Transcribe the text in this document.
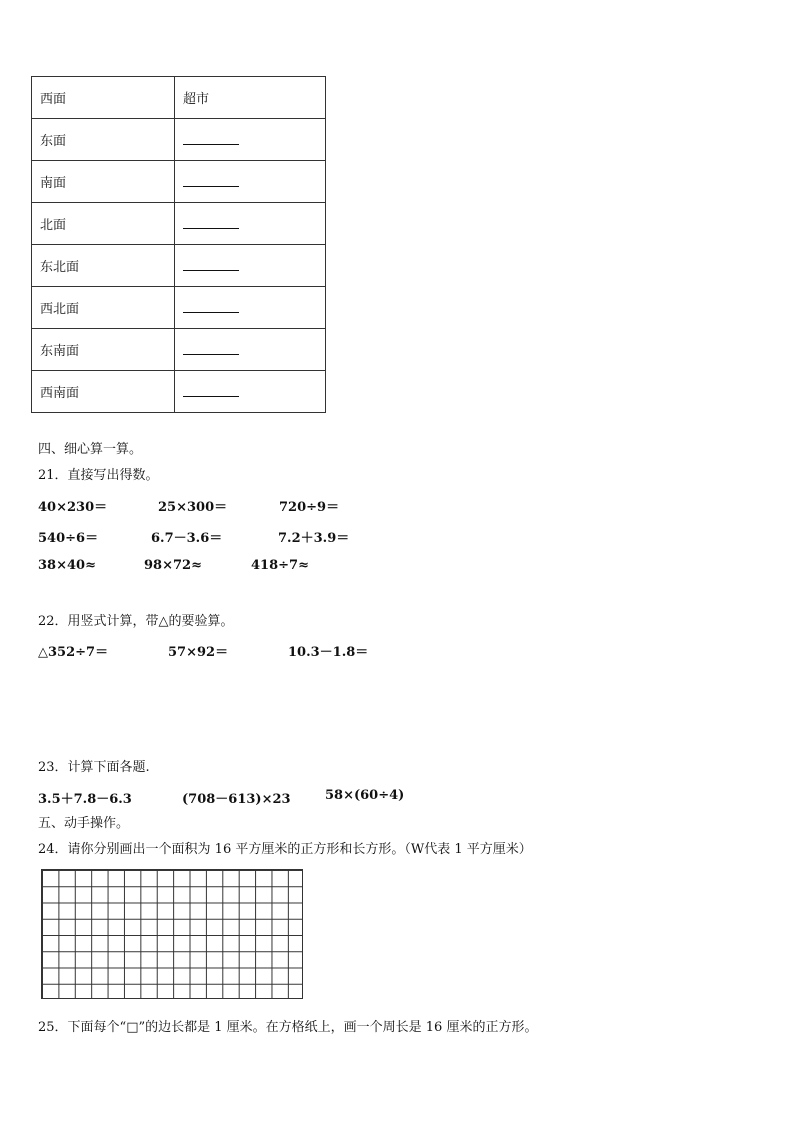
西面	超市
东面	
南面	
北面	
东北面	
西北面	
东南面	
西南面	
四、细心算一算。
21．直接写出得数。
40×230＝	25×300＝	720÷9＝
540÷6＝	6.7－3.6＝	7.2＋3.9＝
38×40≈	98×72≈	418÷7≈
22．用竖式计算，带△的要验算。
△352÷7＝	57×92＝	10.3－1.8＝
23．计算下面各题.
3.5＋7.8－6.3	(708－613)×23	58×(60÷4)
五、动手操作。
24．请你分别画出一个面积为 16 平方厘米的正方形和长方形。（W代表 1 平方厘米）
25．下面每个“□”的边长都是 1 厘米。在方格纸上，画一个周长是 16 厘米的正方形。
